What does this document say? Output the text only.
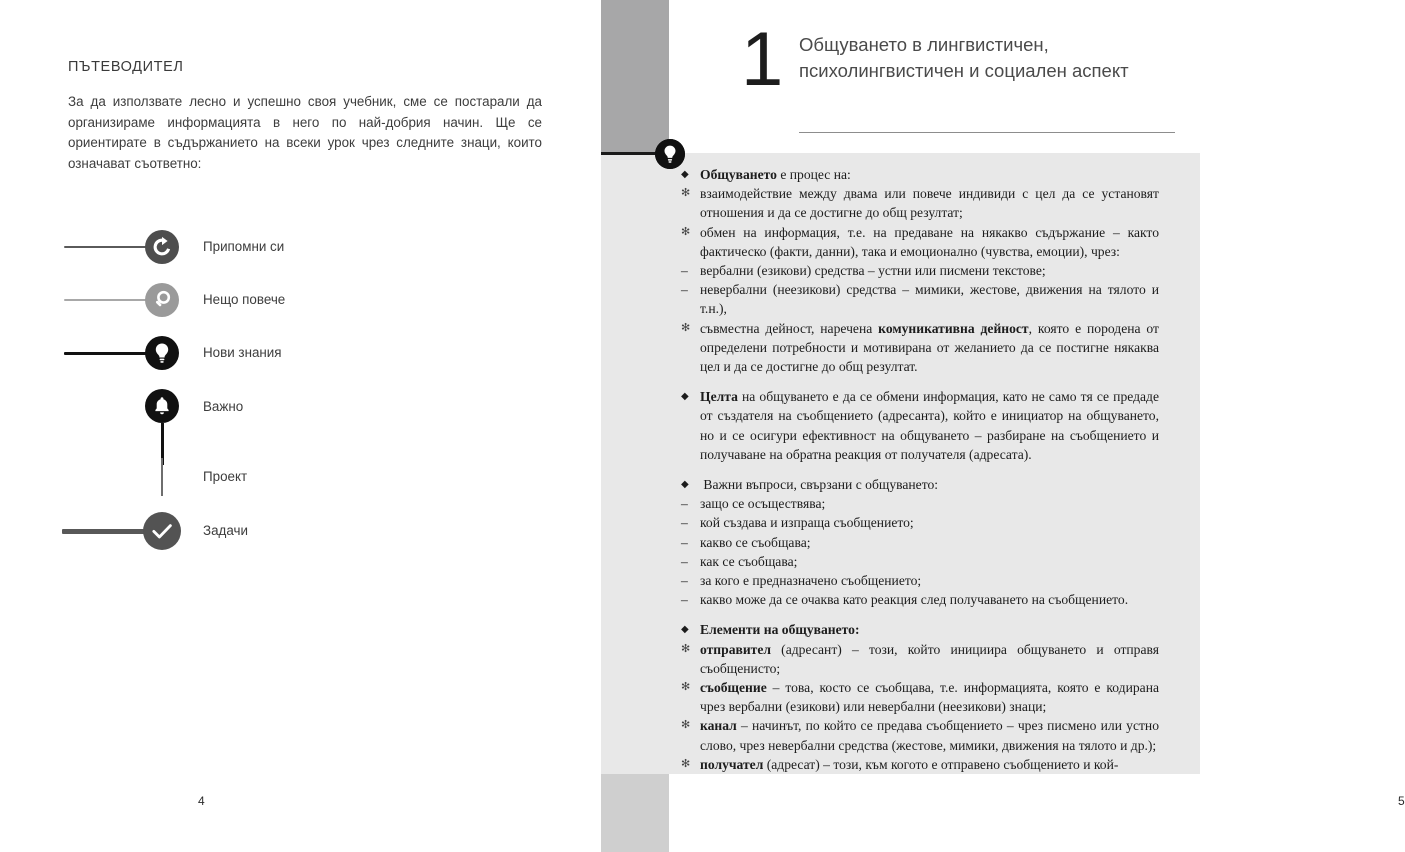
ПЪТЕВОДИТЕЛ
За да използвате лесно и успешно своя учебник, сме се постарали да организираме информацията в него по най-добрия начин. Ще се ориентирате в съдържанието на всеки урок чрез следните знаци, които означават съответно:
Припомни си
Нещо повече
Нови знания
Важно
Проект
Задачи
4
1 Общуването в лингвистичен, психолингвистичен и социален аспект
◆ Общуването е процес на:
✻ взаимодействие между двама или повече индивиди с цел да се установят отношения и да се достигне до общ резултат;
✻ обмен на информация, т.е. на предаване на някакво съдържание – както фактическо (факти, данни), така и емоционално (чувства, емоции), чрез:
– вербални (езикови) средства – устни или писмени текстове;
– невербални (неезикови) средства – мимики, жестове, движения на тялото и т.н.),
✻ съвместна дейност, наречена комуникативна дейност, която е породена от определени потребности и мотивирана от желанието да се постигне някаква цел и да се достигне до общ резултат.
◆ Целта на общуването е да се обмени информация, като не само тя се предаде от създателя на съобщението (адресанта), който е инициатор на общуването, но и се осигури ефективност на общуването – разбиране на съобщението и получаване на обратна реакция от получателя (адресата).
◆ Важни въпроси, свързани с общуването:
– защо се осъществява;
– кой създава и изпраща съобщението;
– какво се съобщава;
– как се съобщава;
– за кого е предназначено съобщението;
– какво може да се очаква като реакция след получаването на съобщението.
◆ Елементи на общуването:
✻ отправител (адресант) – този, който инициира общуването и отправя съобщенисто;
✻ съобщение – това, косто се съобщава, т.е. информацията, която е кодирана чрез вербални (езикови) или невербални (неезикови) знаци;
✻ канал – начинът, по който се предава съобщението – чрез писмено или устно слово, чрез невербални средства (жестове, мимики, движения на тялото и др.);
✻ получател (адресат) – този, към когото е отправено съобщението и кой-
5
